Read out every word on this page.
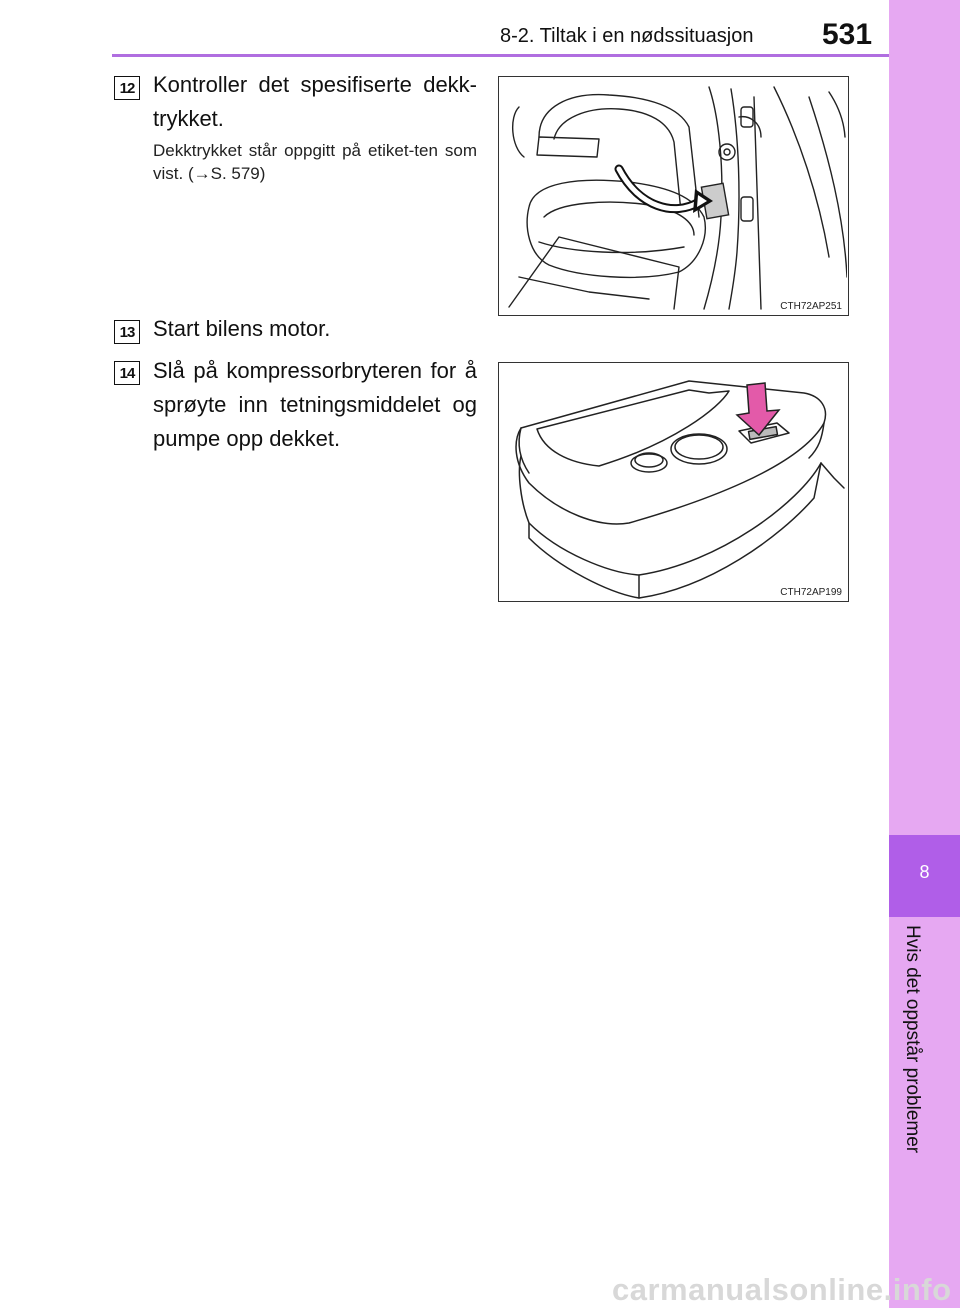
8-2. Tiltak i en nødssituasjon 531
8
Hvis det oppstår problemer
12 Kontroller det spesifiserte dekk-trykket.
Dekktrykket står oppgitt på etiket-ten som vist. (→S. 579)
CTH72AP251
13 Start bilens motor.
14 Slå på kompressorbryteren for å sprøyte inn tetningsmiddelet og pumpe opp dekket.
CTH72AP199
carmanualsonline.info
